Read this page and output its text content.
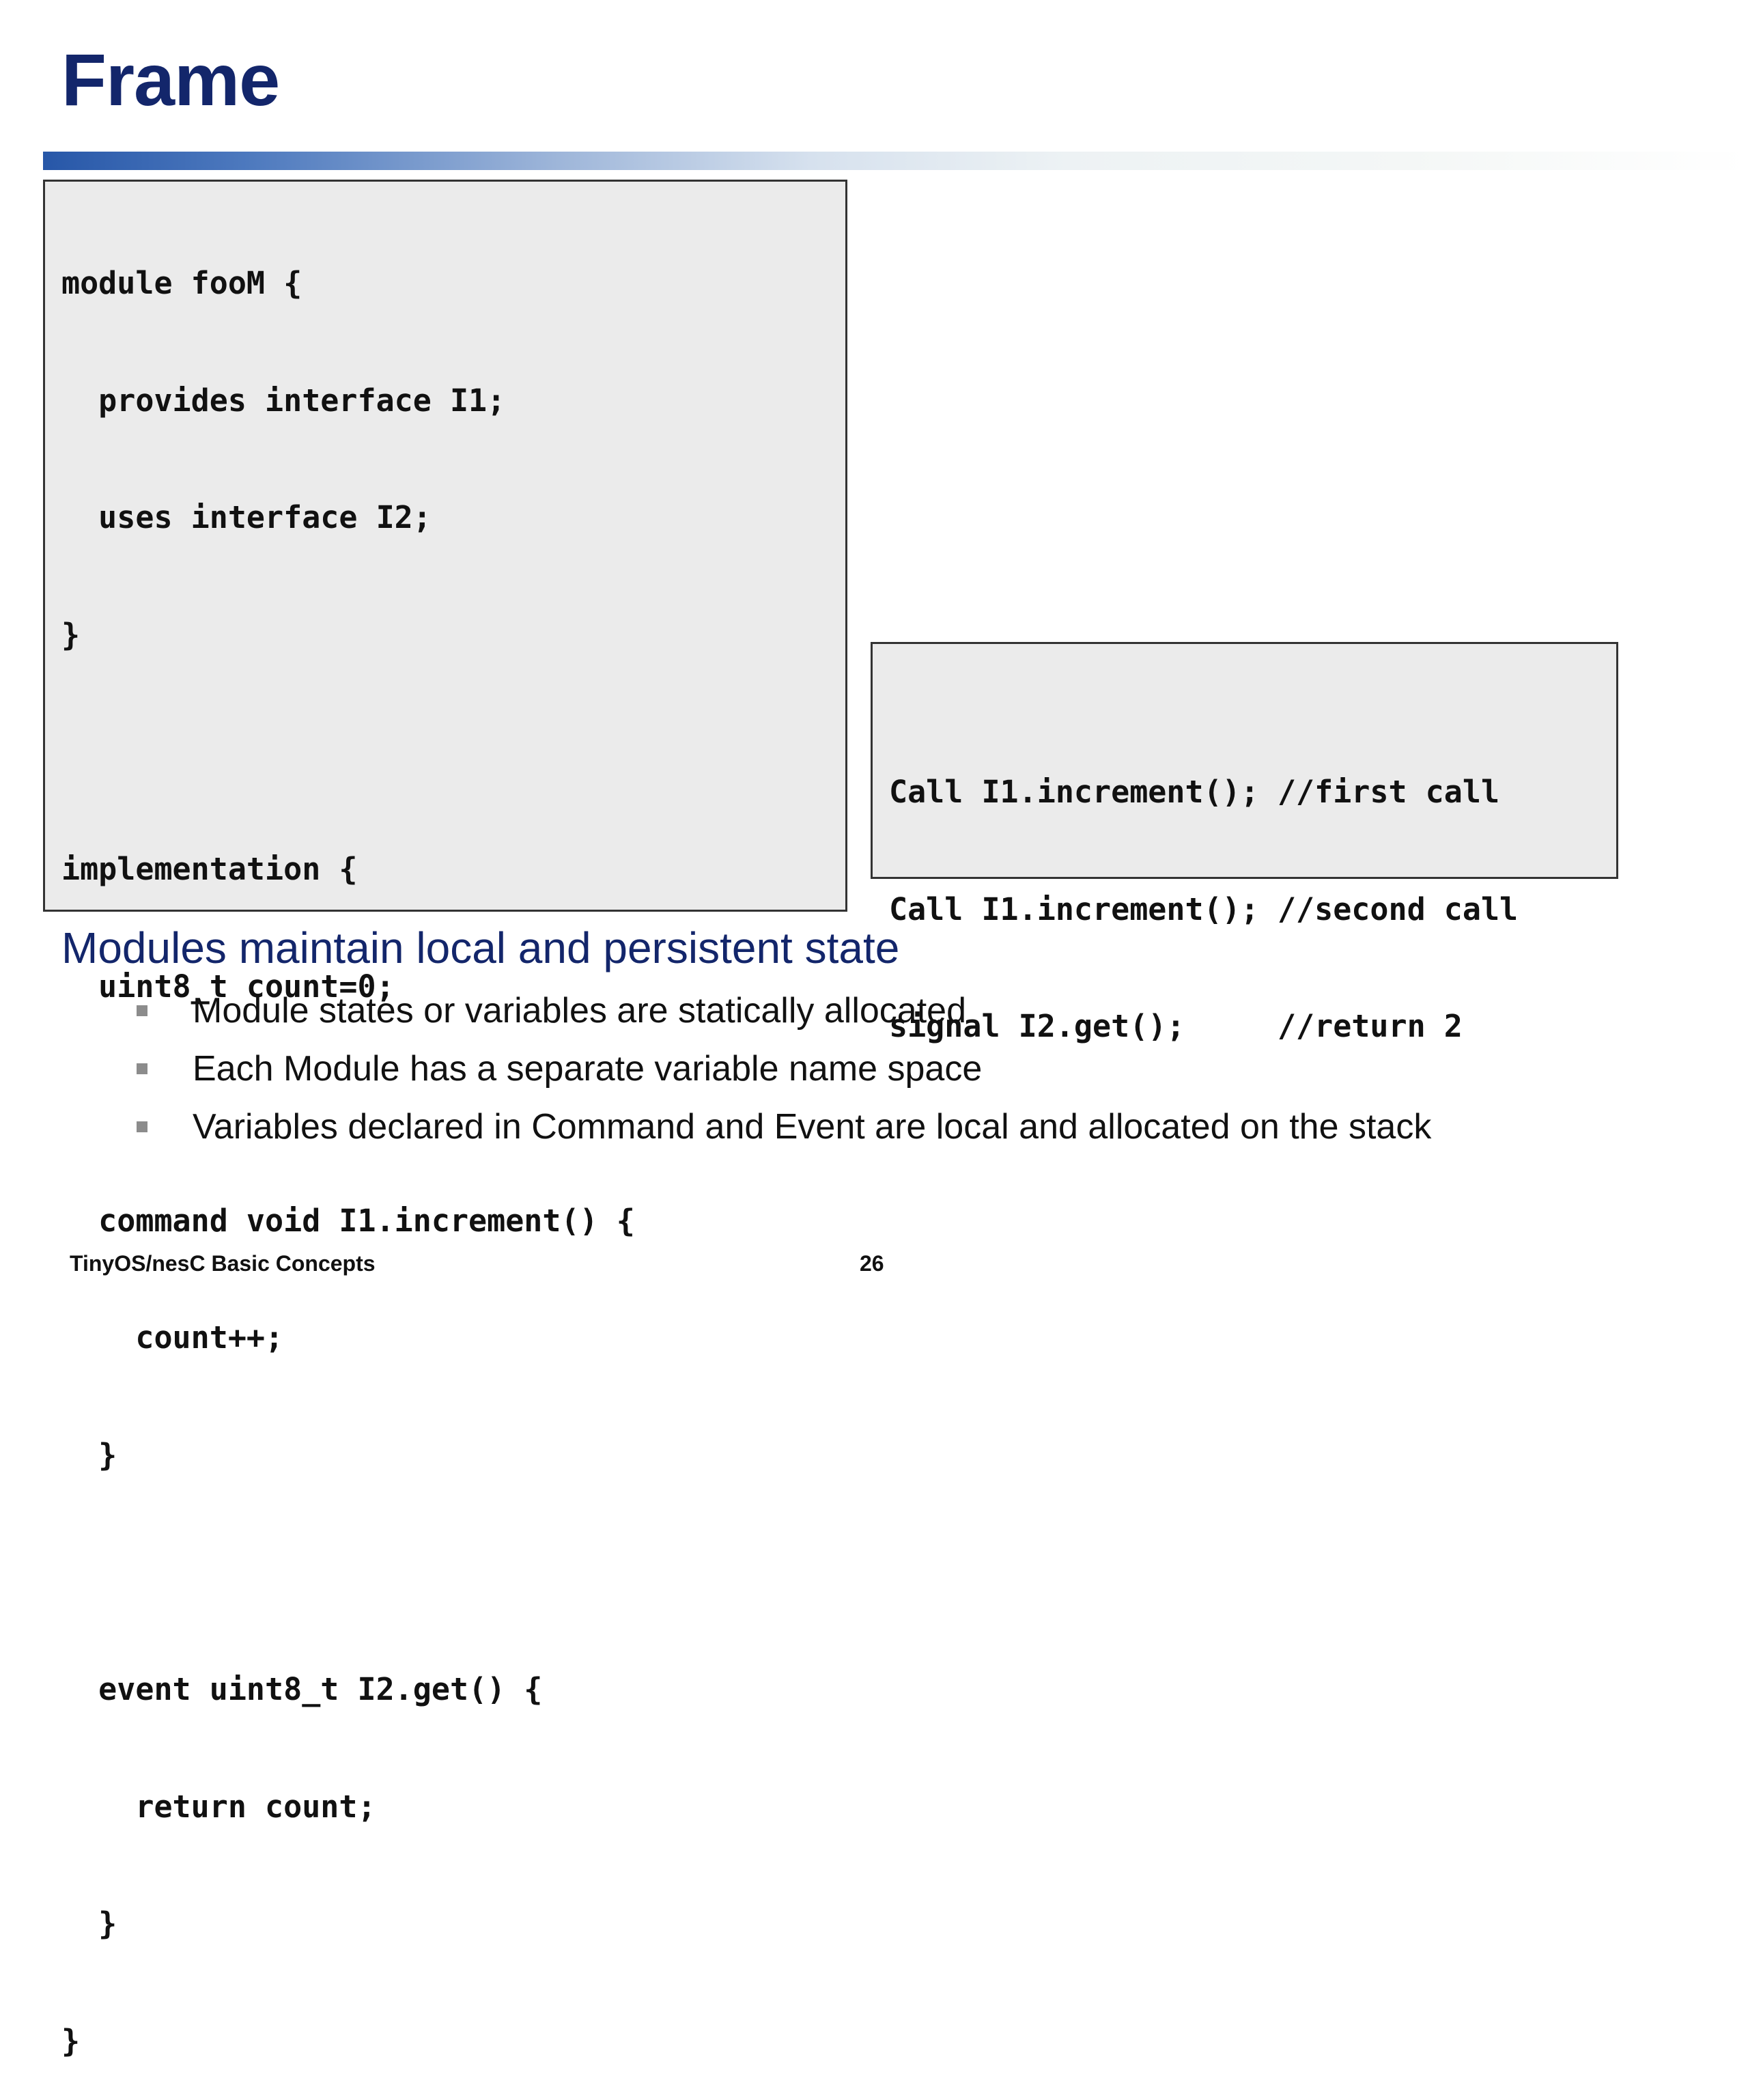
Frame

module fooM {

provides interface I1;

uses interface I2;

}

implementation {

uint8_t count=0;

command void I1.increment() {

count++;

}

event uint8_t I2.get() {

return count;

}

}

Call I1.increment(); //first call

Call I1.increment(); //second call

signal I2.get();     //return 2

Modules maintain local and persistent state
Module states or variables are statically allocated
Each Module has a separate variable name space
Variables declared in Command and Event are local and allocated on the stack
TinyOS/nesC Basic Concepts	26
